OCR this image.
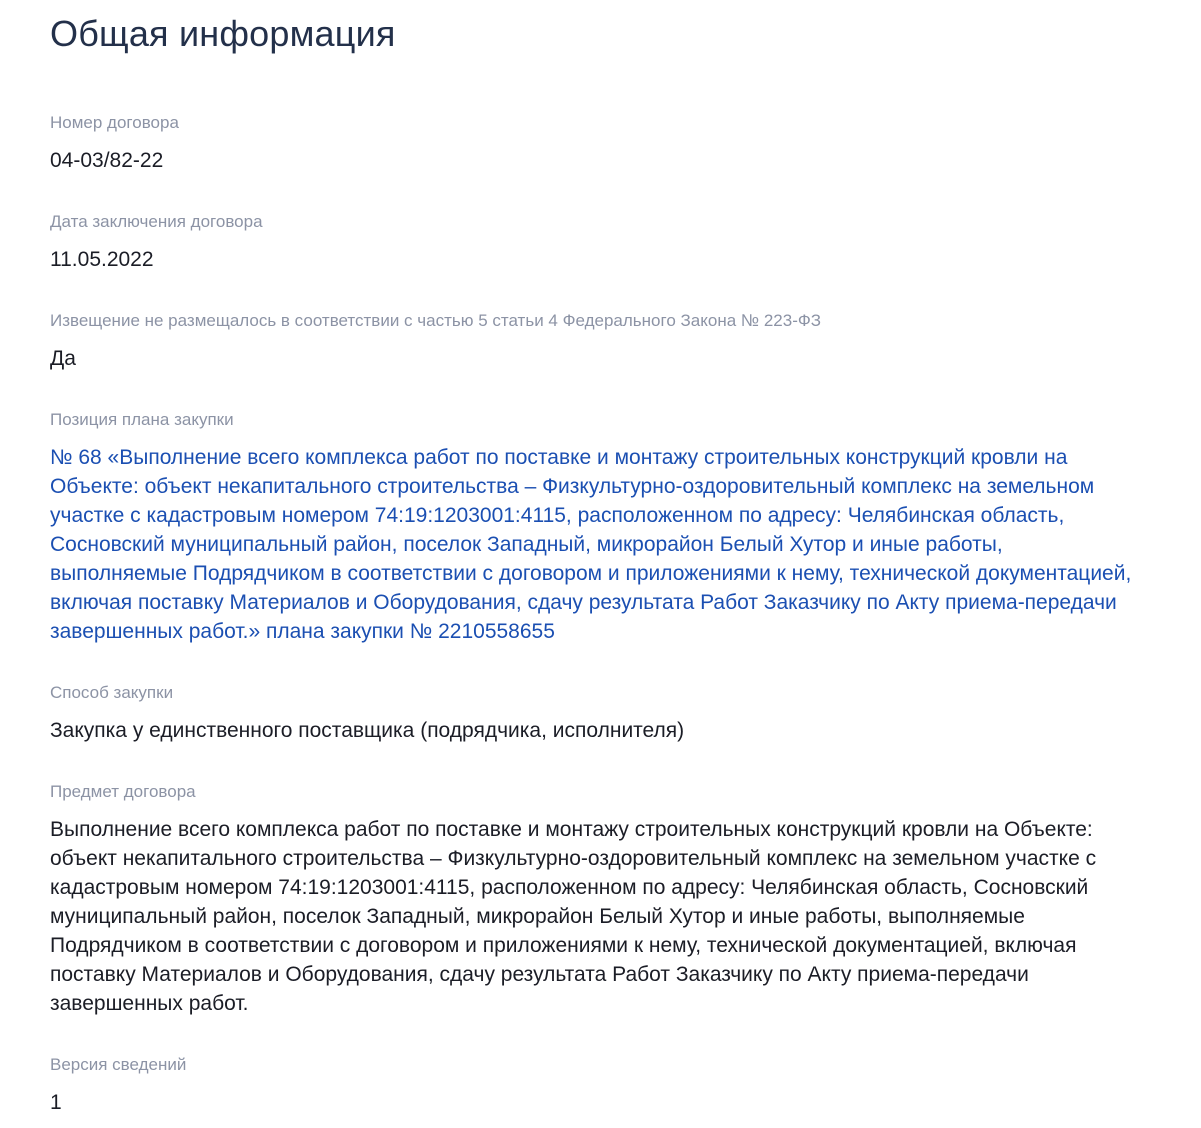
Общая информация
Номер договора
04-03/82-22
Дата заключения договора
11.05.2022
Извещение не размещалось в соответствии с частью 5 статьи 4 Федерального Закона № 223-ФЗ
Да
Позиция плана закупки
№ 68 «Выполнение всего комплекса работ по поставке и монтажу строительных конструкций кровли на Объекте: объект некапитального строительства – Физкультурно-оздоровительный комплекс на земельном участке с кадастровым номером 74:19:1203001:4115, расположенном по адресу: Челябинская область, Сосновский муниципальный район, поселок Западный, микрорайон Белый Хутор и иные работы, выполняемые Подрядчиком в соответствии с договором и приложениями к нему, технической документацией, включая поставку Материалов и Оборудования, сдачу результата Работ Заказчику по Акту приема-передачи завершенных работ.» плана закупки № 2210558655
Способ закупки
Закупка у единственного поставщика (подрядчика, исполнителя)
Предмет договора
Выполнение всего комплекса работ по поставке и монтажу строительных конструкций кровли на Объекте: объект некапитального строительства – Физкультурно-оздоровительный комплекс на земельном участке с кадастровым номером 74:19:1203001:4115, расположенном по адресу: Челябинская область, Сосновский муниципальный район, поселок Западный, микрорайон Белый Хутор и иные работы, выполняемые Подрядчиком в соответствии с договором и приложениями к нему, технической документацией, включая поставку Материалов и Оборудования, сдачу результата Работ Заказчику по Акту приема-передачи завершенных работ.
Версия сведений
1
